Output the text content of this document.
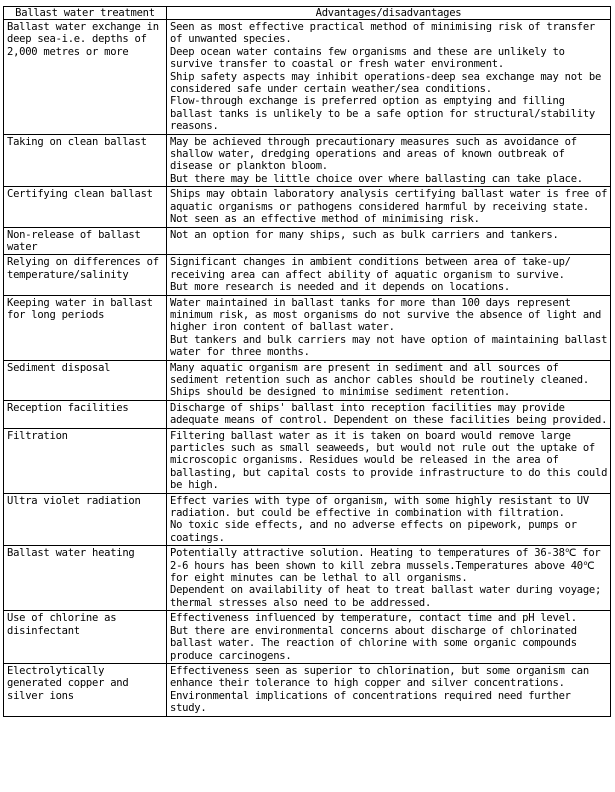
Ballast water treatment	Advantages/disadvantages
Ballast water exchange in deep sea-i.e. depths of 2,000 metres or more	Seen as most effective practical method of minimising risk of transfer of unwanted species.
Deep ocean water contains few organisms and these are unlikely to survive transfer to coastal or fresh water environment.
Ship safety aspects may inhibit operations-deep sea exchange may not be considered safe under certain weather/sea conditions.
Flow-through exchange is preferred option as emptying and filling ballast tanks is unlikely to be a safe option for structural/stability reasons.

Taking on clean ballast	May be achieved through precautionary measures such as avoidance of shallow water, dredging operations and areas of known outbreak of disease or plankton bloom.
But there may be little choice over where ballasting can take place.

Certifying clean ballast	Ships may obtain laboratory analysis certifying ballast water is free of aquatic organisms or pathogens considered harmful by receiving state.
Not seen as an effective method of minimising risk.

Non-release of ballast water	Not an option for many ships, such as bulk carriers and tankers.

Relying on differences of temperature/salinity	Significant changes in ambient conditions between area of take-up/ receiving area can affect ability of aquatic organism to survive.
But more research is needed and it depends on locations.

Keeping water in ballast for long periods	Water maintained in ballast tanks for more than 100 days represent minimum risk, as most organisms do not survive the absence of light and higher iron content of ballast water.
But tankers and bulk carriers may not have option of maintaining ballast water for three months.

Sediment disposal	Many aquatic organism are present in sediment and all sources of sediment retention such as anchor cables should be routinely cleaned.
Ships should be designed to minimise sediment retention.

Reception facilities	Discharge of ships' ballast into reception facilities may provide adequate means of control. Dependent on these facilities being provided.

Filtration	Filtering ballast water as it is taken on board would remove large particles such as small seaweeds, but would not rule out the uptake of microscopic organisms. Residues would be released in the area of ballasting, but capital costs to provide infrastructure to do this could be high.

Ultra violet radiation	Effect varies with type of organism, with some highly resistant to UV radiation. but could be effective in combination with filtration.
No toxic side effects, and no adverse effects on pipework, pumps or coatings.

Ballast water heating	Potentially attractive solution. Heating to temperatures of 36-38℃ for 2-6 hours has been shown to kill zebra mussels.Temperatures above 40℃ for eight minutes can be lethal to all organisms.
Dependent on availability of heat to treat ballast water during voyage; thermal stresses also need to be addressed.

Use of chlorine as disinfectant	Effectiveness influenced by temperature, contact time and pH level.
But there are environmental concerns about discharge of chlorinated ballast water. The reaction of chlorine with some organic compounds produce carcinogens.

Electrolytically generated copper and silver ions	Effectiveness seen as superior to chlorination, but some organism can enhance their tolerance to high copper and silver concentrations.
Environmental implications of concentrations required need further study.
